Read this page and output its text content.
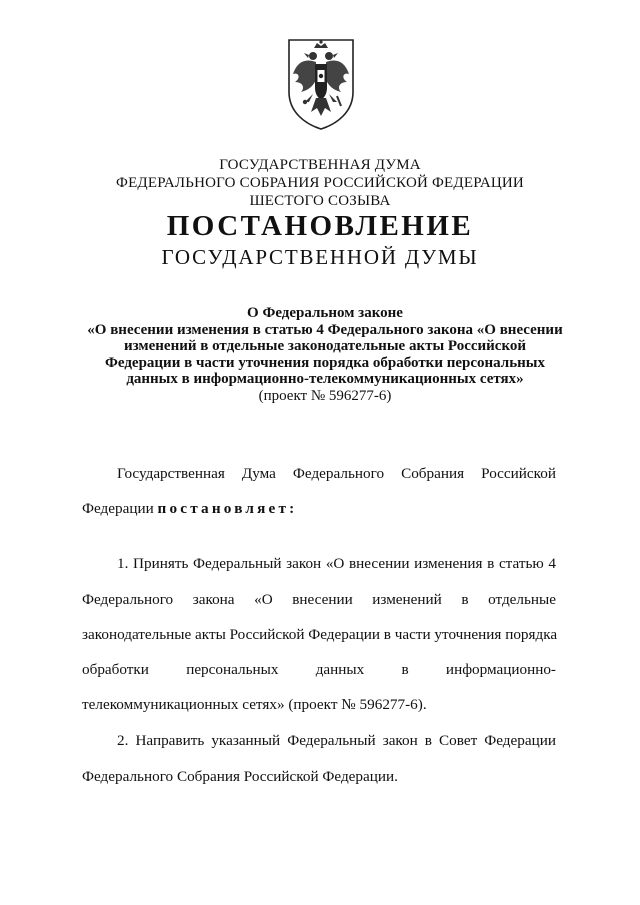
ГОСУДАРСТВЕННАЯ ДУМА
ФЕДЕРАЛЬНОГО СОБРАНИЯ РОССИЙСКОЙ ФЕДЕРАЦИИ
ШЕСТОГО СОЗЫВА
ПОСТАНОВЛЕНИЕ
ГОСУДАРСТВЕННОЙ ДУМЫ
О Федеральном законе
«О внесении изменения в статью 4 Федерального закона «О внесении
изменений в отдельные законодательные акты Российской
Федерации в части уточнения порядка обработки персональных
данных в информационно-телекоммуникационных сетях»
(проект № 596277-6)
Государственная Дума Федерального Собрания Российской
Федерации постановляет:
1. Принять Федеральный закон «О внесении изменения в статью 4
Федерального закона «О внесении изменений в отдельные
законодательные акты Российской Федерации в части уточнения порядка
обработки персональных данных в информационно-
телекоммуникационных сетях» (проект № 596277-6).
2. Направить указанный Федеральный закон в Совет Федерации
Федерального Собрания Российской Федерации.
